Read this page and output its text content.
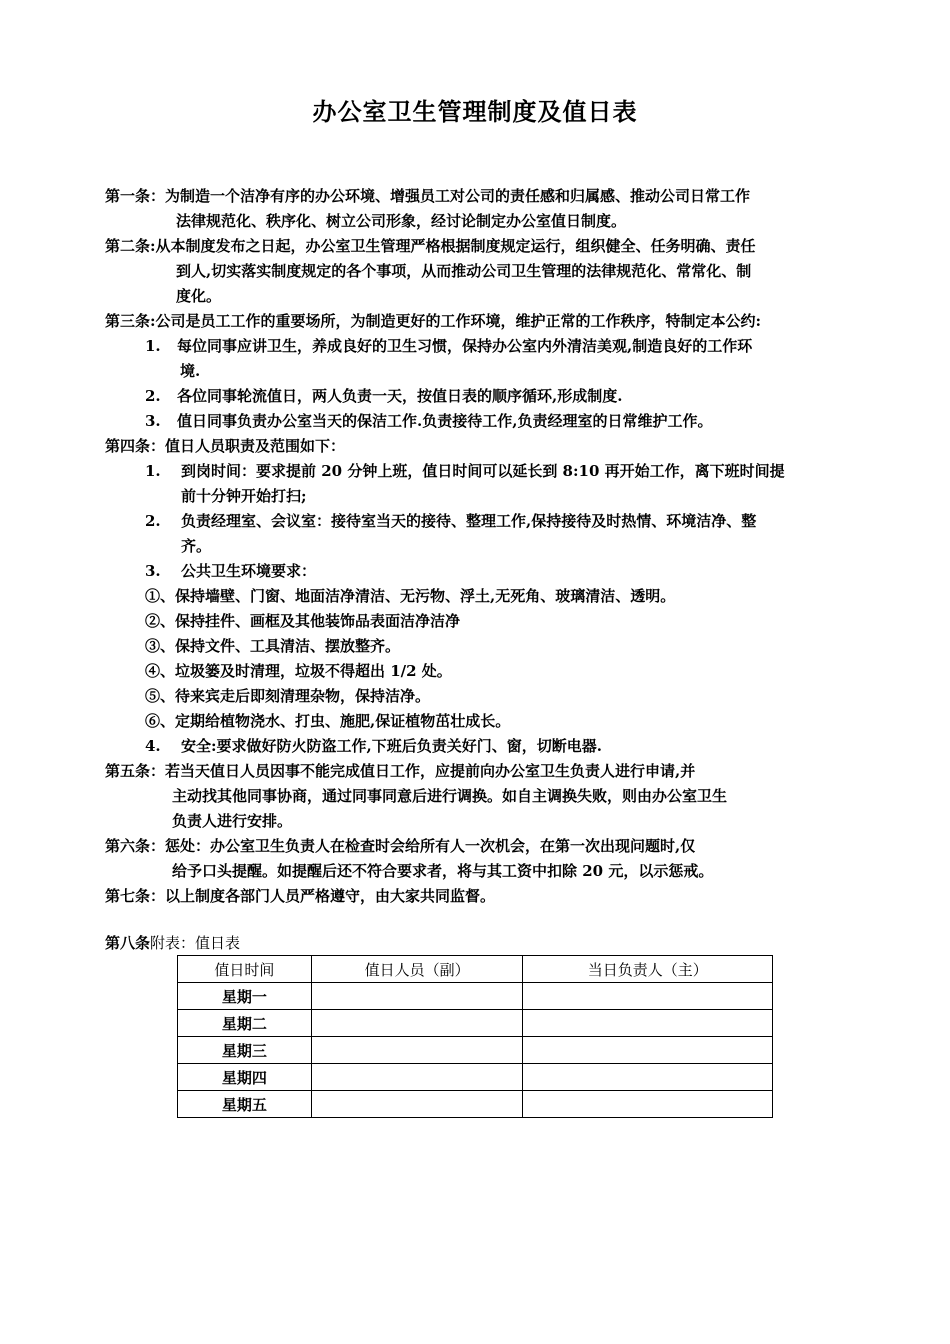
办公室卫生管理制度及值日表
第一条：为制造一个洁净有序的办公环境、增强员工对公司的责任感和归属感、推动公司日常工作
法律规范化、秩序化、树立公司形象，经讨论制定办公室值日制度。
第二条:从本制度发布之日起，办公室卫生管理严格根据制度规定运行，组织健全、任务明确、责任
到人,切实落实制度规定的各个事项，从而推动公司卫生管理的法律规范化、常常化、制
度化。
第三条:公司是员工工作的重要场所，为制造更好的工作环境，维护正常的工作秩序，特制定本公约:
1. 每位同事应讲卫生，养成良好的卫生习惯，保持办公室内外清洁美观,制造良好的工作环
境.
2. 各位同事轮流值日，两人负责一天，按值日表的顺序循环,形成制度.
3. 值日同事负责办公室当天的保洁工作.负责接待工作,负责经理室的日常维护工作。
第四条：值日人员职责及范围如下：
1. 到岗时间：要求提前 20 分钟上班，值日时间可以延长到 8:10 再开始工作，离下班时间提
前十分钟开始打扫;
2. 负责经理室、会议室：接待室当天的接待、整理工作,保持接待及时热情、环境洁净、整
齐。
3. 公共卫生环境要求：
①、保持墙壁、门窗、地面洁净清洁、无污物、浮土,无死角、玻璃清洁、透明。
②、保持挂件、画框及其他装饰品表面洁净洁净
③、保持文件、工具清洁、摆放整齐。
④、垃圾篓及时清理，垃圾不得超出 1/2 处。
⑤、待来宾走后即刻清理杂物，保持洁净。
⑥、定期给植物浇水、打虫、施肥,保证植物茁壮成长。
4. 安全:要求做好防火防盗工作,下班后负责关好门、窗，切断电器.
第五条：若当天值日人员因事不能完成值日工作，应提前向办公室卫生负责人进行申请,并
主动找其他同事协商，通过同事同意后进行调换。如自主调换失败，则由办公室卫生
负责人进行安排。
第六条：惩处：办公室卫生负责人在检查时会给所有人一次机会，在第一次出现问题时,仅
给予口头提醒。如提醒后还不符合要求者，将与其工资中扣除 20 元，以示惩戒。
第七条：以上制度各部门人员严格遵守，由大家共同监督。
第八条附表：值日表
值日时间	值日人员（副）	当日负责人（主）
星期一		
星期二		
星期三		
星期四		
星期五		
